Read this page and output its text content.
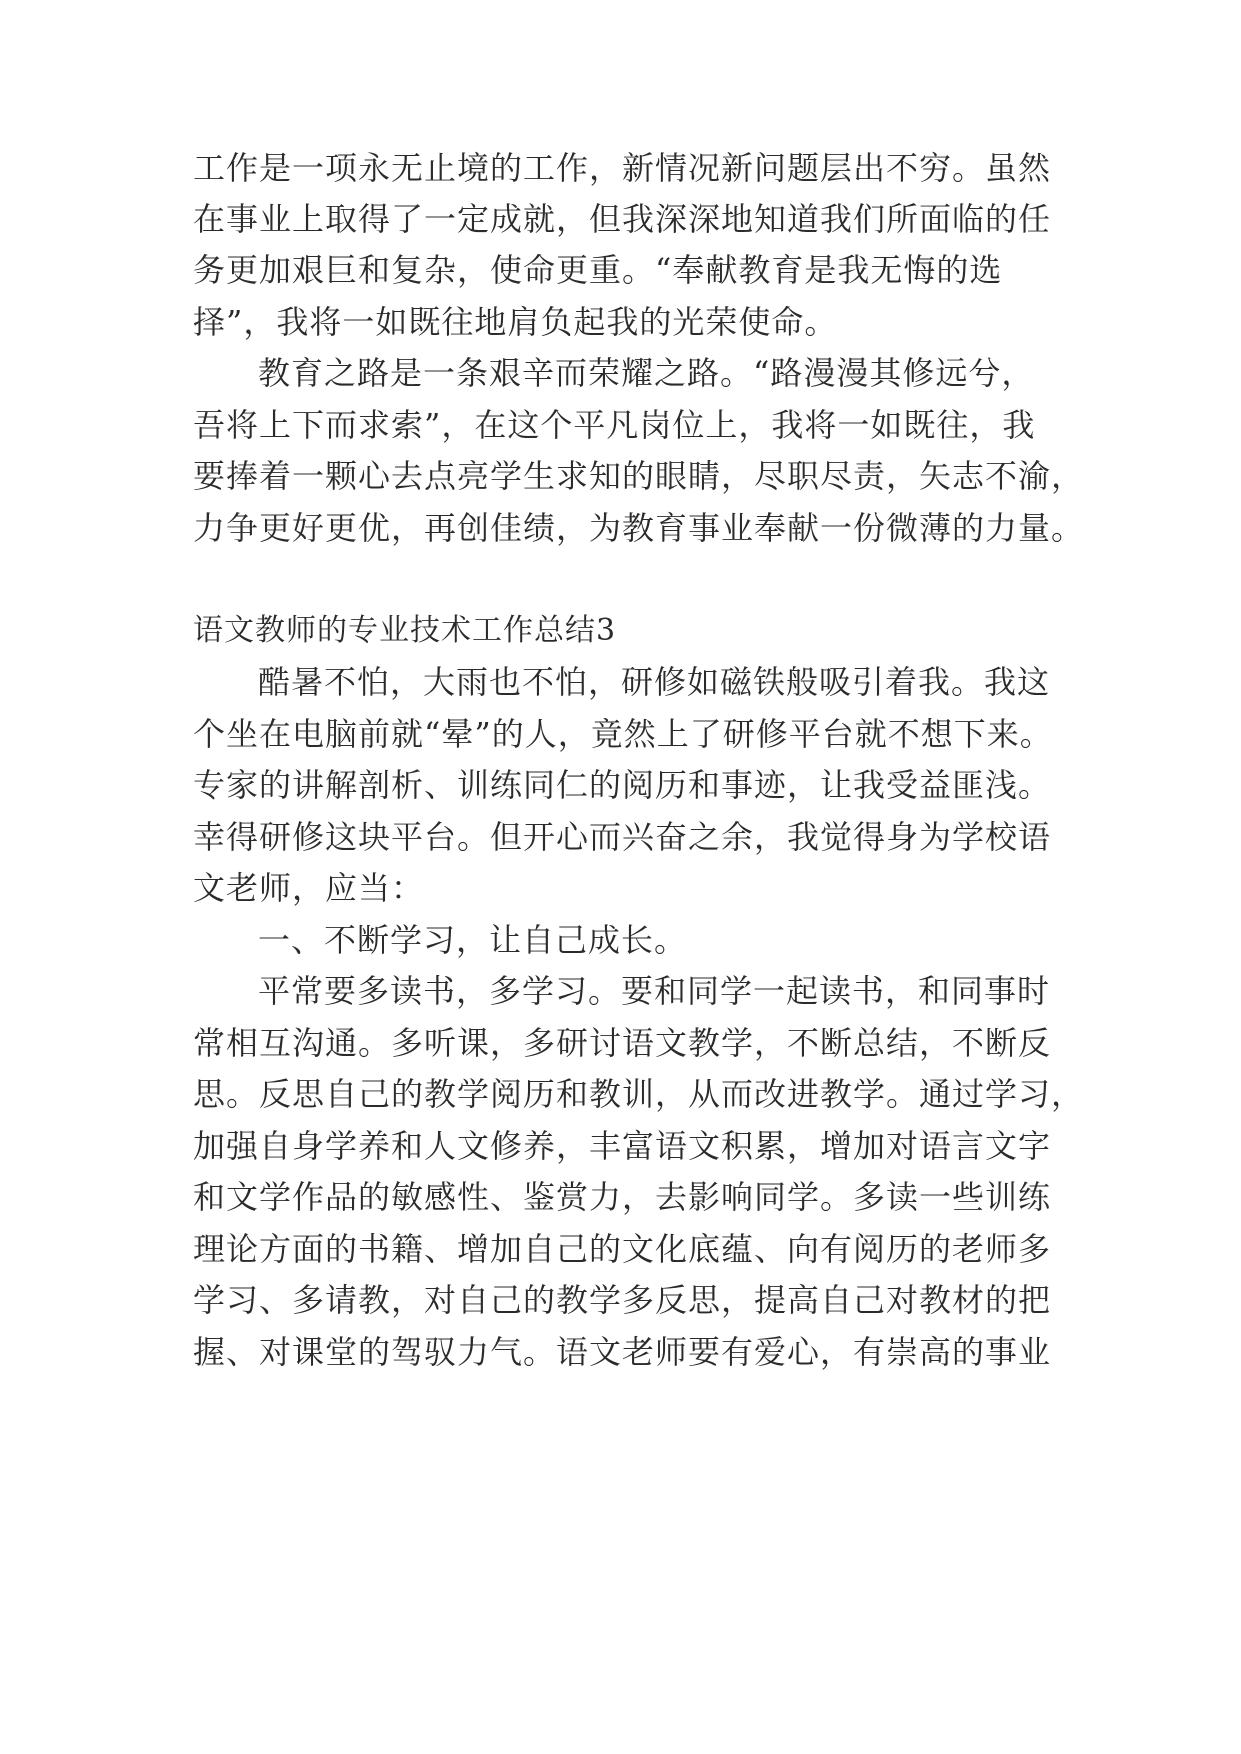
工作是一项永无止境的工作，新情况新问题层出不穷。虽然
在事业上取得了一定成就，但我深深地知道我们所面临的任
务更加艰巨和复杂，使命更重。“奉献教育是我无悔的选
择”，我将一如既往地肩负起我的光荣使命。
教育之路是一条艰辛而荣耀之路。“路漫漫其修远兮，
吾将上下而求索”，在这个平凡岗位上，我将一如既往，我
要捧着一颗心去点亮学生求知的眼睛，尽职尽责，矢志不渝，
力争更好更优，再创佳绩，为教育事业奉献一份微薄的力量。
语文教师的专业技术工作总结3
酷暑不怕，大雨也不怕，研修如磁铁般吸引着我。我这
个坐在电脑前就“晕”的人，竟然上了研修平台就不想下来。
专家的讲解剖析、训练同仁的阅历和事迹，让我受益匪浅。
幸得研修这块平台。但开心而兴奋之余，我觉得身为学校语
文老师，应当：
一、不断学习，让自己成长。
平常要多读书，多学习。要和同学一起读书，和同事时
常相互沟通。多听课，多研讨语文教学，不断总结，不断反
思。反思自己的教学阅历和教训，从而改进教学。通过学习，
加强自身学养和人文修养，丰富语文积累，增加对语言文字
和文学作品的敏感性、鉴赏力，去影响同学。多读一些训练
理论方面的书籍、增加自己的文化底蕴、向有阅历的老师多
学习、多请教，对自己的教学多反思，提高自己对教材的把
握、对课堂的驾驭力气。语文老师要有爱心，有崇高的事业
